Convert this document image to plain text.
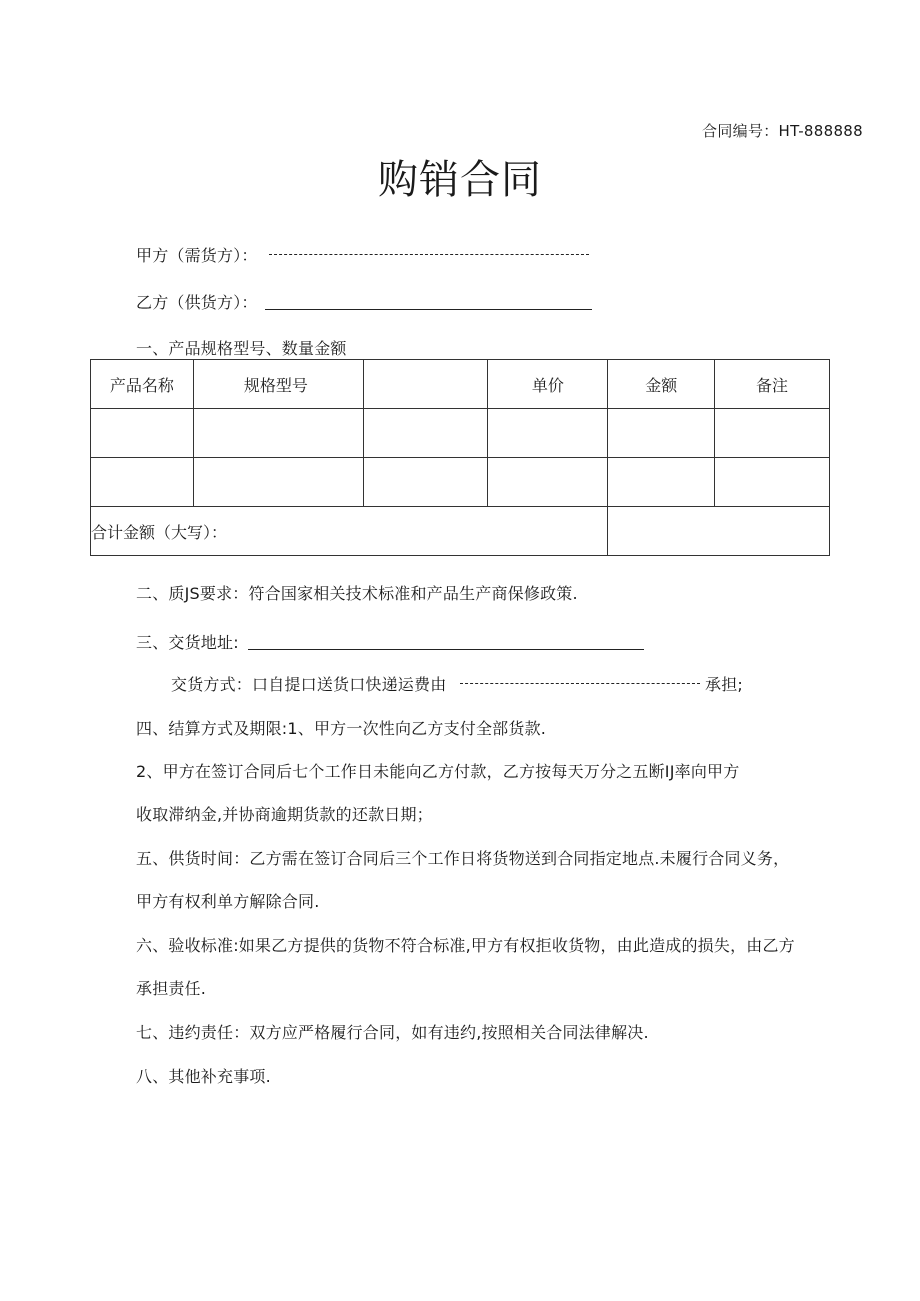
合同编号：HT-888888
购销合同
甲方（需货方）：
乙方（供货方）：
一、产品规格型号、数量金额
产品名称	规格型号		单价	金额	备注

合计金额（大写）：					
二、质JS要求：符合国家相关技术标准和产品生产商保修政策.
三、交货地址:
交货方式：口自提口送货口快递运费由	承担;
四、结算方式及期限:1、甲方一次性向乙方支付全部货款.
2、甲方在签订合同后七个工作日未能向乙方付款，乙方按每天万分之五断IJ率向甲方
收取滞纳金,并协商逾期货款的还款日期；
五、供货时间：乙方需在签订合同后三个工作日将货物送到合同指定地点.未履行合同义务，
甲方有权利单方解除合同.
六、验收标准:如果乙方提供的货物不符合标准,甲方有权拒收货物，由此造成的损失，由乙方
承担责任.
七、违约责任：双方应严格履行合同，如有违约,按照相关合同法律解决.
八、其他补充事项.
